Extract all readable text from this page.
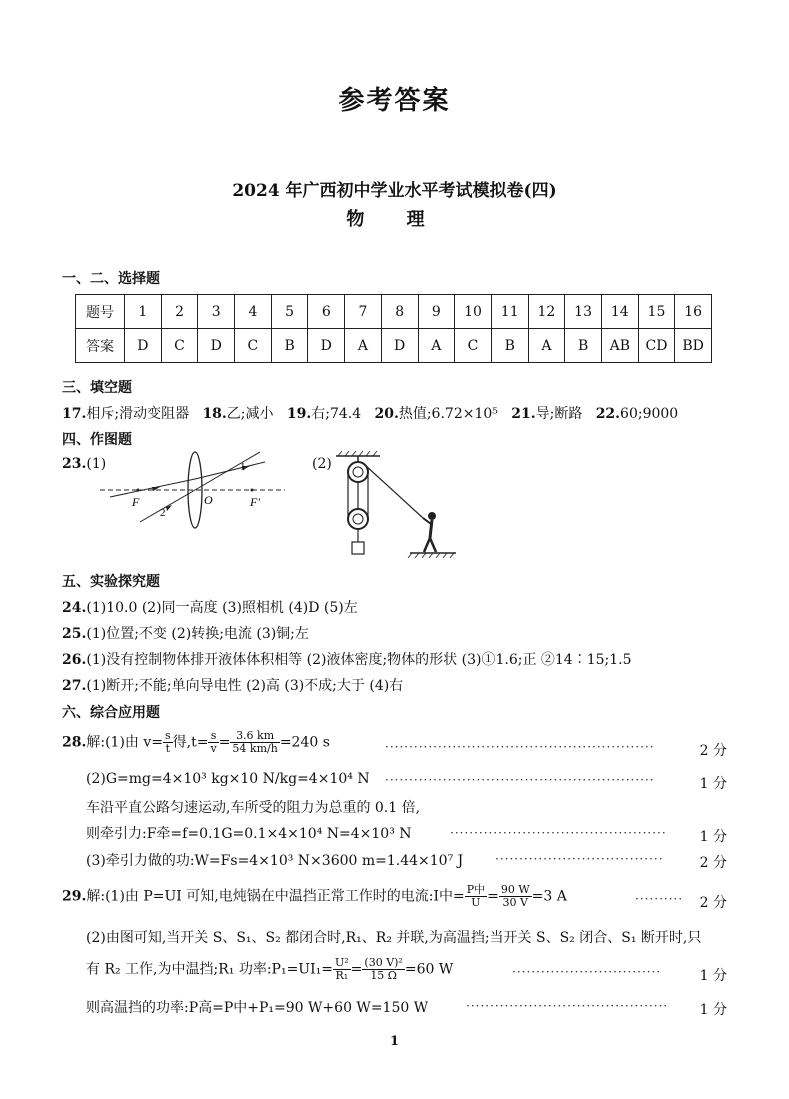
参考答案
2024 年广西初中学业水平考试模拟卷(四)
物 理
一、二、选择题
题号	1	2	3	4	5	6	7	8	9	10	11	12	13	14	15	16
答案	D	C	D	C	B	D	A	D	A	C	B	A	B	AB	CD	BD
三、填空题
17.相斥;滑动变阻器 18.乙;减小 19.右;74.4 20.热值;6.72×10⁵ 21.导;断路 22.60;9000
四、作图题
23.(1)
F	F'
O
1
2
(2)
五、实验探究题
24.(1)10.0 (2)同一高度 (3)照相机 (4)D (5)左
25.(1)位置;不变 (2)转换;电流 (3)铜;左
26.(1)没有控制物体排开液体体积相等 (2)液体密度;物体的形状 (3)①1.6;正 ②14∶15;1.5
27.(1)断开;不能;单向导电性 (2)高 (3)不成;大于 (4)右
六、综合应用题
28.解:(1)由 $v= \frac{s}{t}$ 得$,t= \frac{s}{v} = \frac{3.6 km}{54 km/h} =240$ s	························································	2 分
(2)G=mg=4×10³ kg×10 N/kg=4×10⁴ N ························································	1 分
车沿平直公路匀速运动,车所受的阻力为总重的 0.1 倍,
则牵引力:F牵=f=0.1G=0.1×4×10⁴ N=4×10³ N	············································· 1 分
(3)牵引力做的功:W=Fs=4×10³ N×3600 m=1.44×10⁷ J	···································	2 分
29.解:(1)由 P=UI 可知,电炖锅在中温挡正常工作时的电流:I中= $\frac{\text{P中}}{U} = \frac{90 W}{30 V} =3$ A	·········· 2 分
(2)由图可知,当开关 S、S₁、S₂ 都闭合时,R₁、R₂ 并联,为高温挡;当开关 S、S₂ 闭合、S₁ 断开时,只
有 R₂ 工作,为中温挡;R₁ 功率:P₁=UI₁= $\frac{\text{U²}}{\text{R₁}} = \frac{\text{(30 V)²}}{15 \Omega} =60$ W	·······························	1 分
则高温挡的功率:P高=P中+P₁=90 W+60 W=150 W	·········································· 1 分
1
